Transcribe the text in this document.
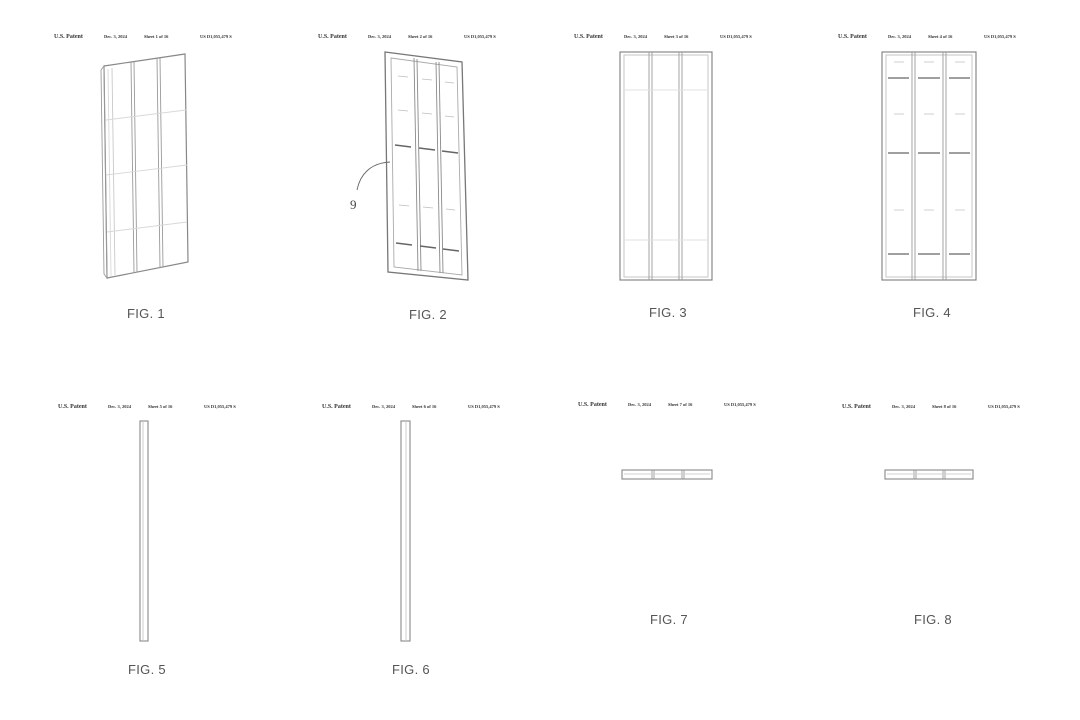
U.S. Patent	Dec. 3, 2024	Sheet 1 of 16	US D1,055,479 S
FIG. 1
U.S. Patent	Dec. 3, 2024	Sheet 2 of 16	US D1,055,479 S
9
FIG. 2
U.S. Patent	Dec. 3, 2024	Sheet 3 of 16	US D1,055,479 S
FIG. 3
U.S. Patent	Dec. 3, 2024	Sheet 4 of 16	US D1,055,479 S
FIG. 4
U.S. Patent	Dec. 3, 2024	Sheet 5 of 16	US D1,055,479 S
FIG. 5
U.S. Patent	Dec. 3, 2024	Sheet 6 of 16	US D1,055,479 S
FIG. 6
U.S. Patent	Dec. 3, 2024	Sheet 7 of 16	US D1,055,479 S
FIG. 7
U.S. Patent	Dec. 3, 2024	Sheet 8 of 16	US D1,055,479 S
FIG. 8
